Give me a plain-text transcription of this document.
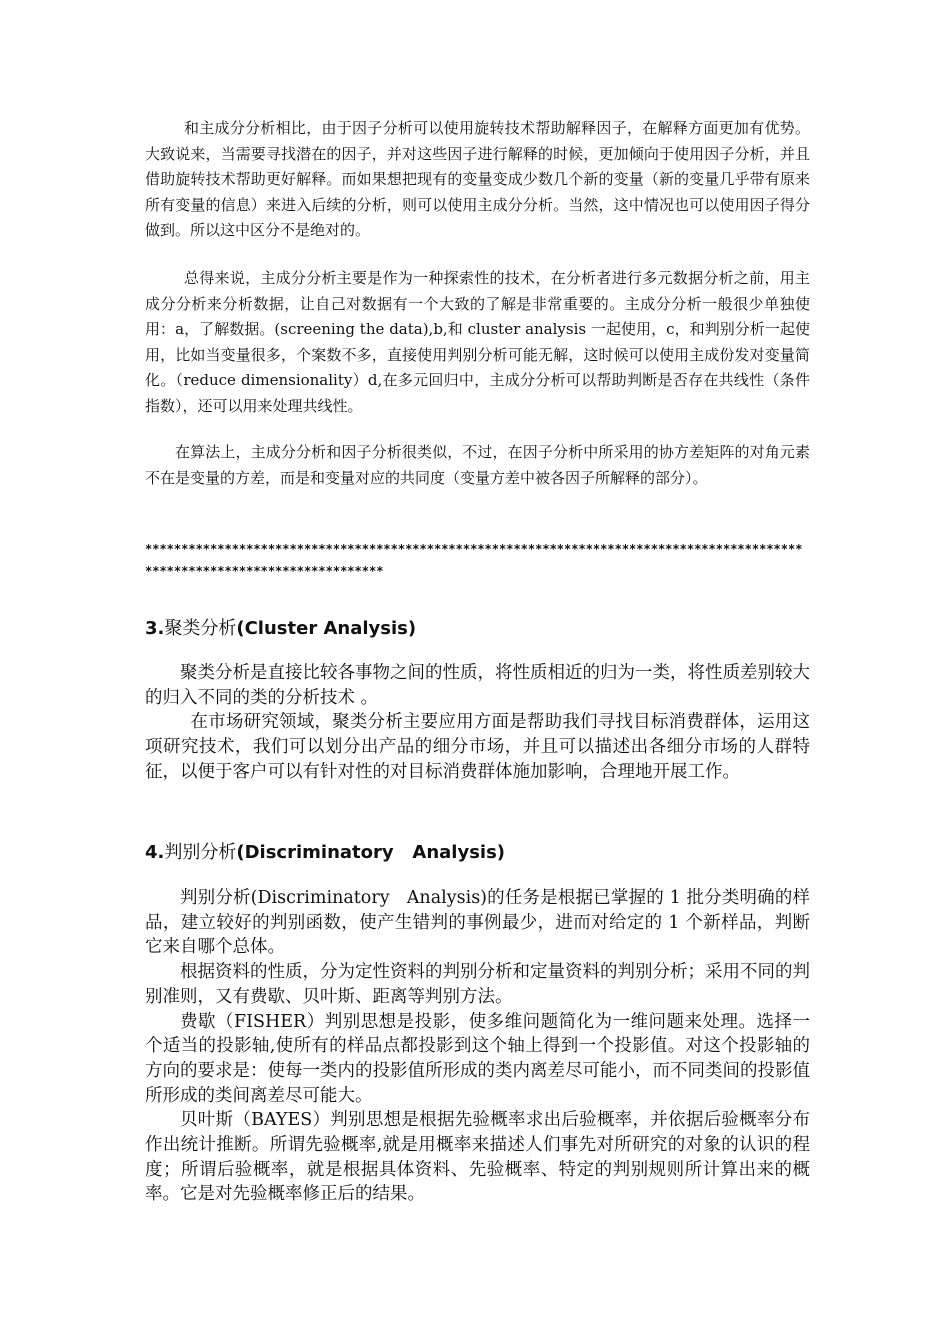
和主成分分析相比，由于因子分析可以使用旋转技术帮助解释因子，在解释方面更加有优势。大致说来，当需要寻找潜在的因子，并对这些因子进行解释的时候，更加倾向于使用因子分析，并且借助旋转技术帮助更好解释。而如果想把现有的变量变成少数几个新的变量（新的变量几乎带有原来所有变量的信息）来进入后续的分析，则可以使用主成分分析。当然，这中情况也可以使用因子得分做到。所以这中区分不是绝对的。

总得来说，主成分分析主要是作为一种探索性的技术，在分析者进行多元数据分析之前，用主成分分析来分析数据，让自己对数据有一个大致的了解是非常重要的。主成分分析一般很少单独使用：a，了解数据。(screening the data),b,和 cluster analysis 一起使用，c，和判别分析一起使用，比如当变量很多，个案数不多，直接使用判别分析可能无解，这时候可以使用主成份发对变量简化。（reduce dimensionality）d,在多元回归中，主成分分析可以帮助判断是否存在共线性（条件指数），还可以用来处理共线性。

在算法上，主成分分析和因子分析很类似，不过，在因子分析中所采用的协方差矩阵的对角元素不在是变量的方差，而是和变量对应的共同度（变量方差中被各因子所解释的部分）。

****************************************************************************************************************************
3.聚类分析(Cluster Analysis)

聚类分析是直接比较各事物之间的性质，将性质相近的归为一类，将性质差别较大的归入不同的类的分析技术 。

在市场研究领域，聚类分析主要应用方面是帮助我们寻找目标消费群体，运用这项研究技术，我们可以划分出产品的细分市场，并且可以描述出各细分市场的人群特征，以便于客户可以有针对性的对目标消费群体施加影响，合理地开展工作。

4.判别分析(Discriminatory   Analysis)

判别分析(Discriminatory   Analysis)的任务是根据已掌握的 1 批分类明确的样品，建立较好的判别函数，使产生错判的事例最少，进而对给定的 1 个新样品，判断它来自哪个总体。

根据资料的性质，分为定性资料的判别分析和定量资料的判别分析；采用不同的判别准则，又有费歇、贝叶斯、距离等判别方法。

费歇（FISHER）判别思想是投影，使多维问题简化为一维问题来处理。选择一个适当的投影轴,使所有的样品点都投影到这个轴上得到一个投影值。对这个投影轴的方向的要求是：使每一类内的投影值所形成的类内离差尽可能小，而不同类间的投影值所形成的类间离差尽可能大。

贝叶斯（BAYES）判别思想是根据先验概率求出后验概率，并依据后验概率分布作出统计推断。所谓先验概率,就是用概率来描述人们事先对所研究的对象的认识的程度；所谓后验概率，就是根据具体资料、先验概率、特定的判别规则所计算出来的概率。它是对先验概率修正后的结果。
